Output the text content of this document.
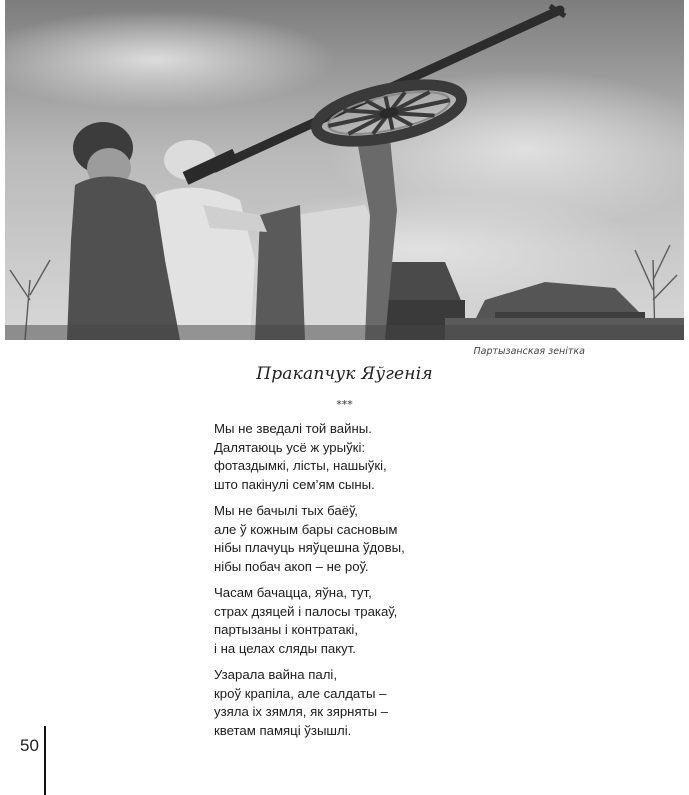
Партызанская зенітка
Пракапчук Яўгенія
***
Мы не зведалі той вайны.
Далятаюць усё ж урыўкі:
фотаздымкі, лісты, нашыўкі,
што пакінулі сем’ям сыны.
Мы не бачылі тых баёў,
але ў кожным бары сасновым
нібы плачуць няўцешна ўдовы,
нібы побач акоп – не роў.
Часам бачацца, яўна, тут,
страх дзяцей і палосы тракаў,
партызаны і контратакі,
і на целах сляды пакут.
Узарала вайна палі,
кроў крапіла, але салдаты –
узяла іх зямля, як зярняты –
кветам памяці ўзышлі.
50
